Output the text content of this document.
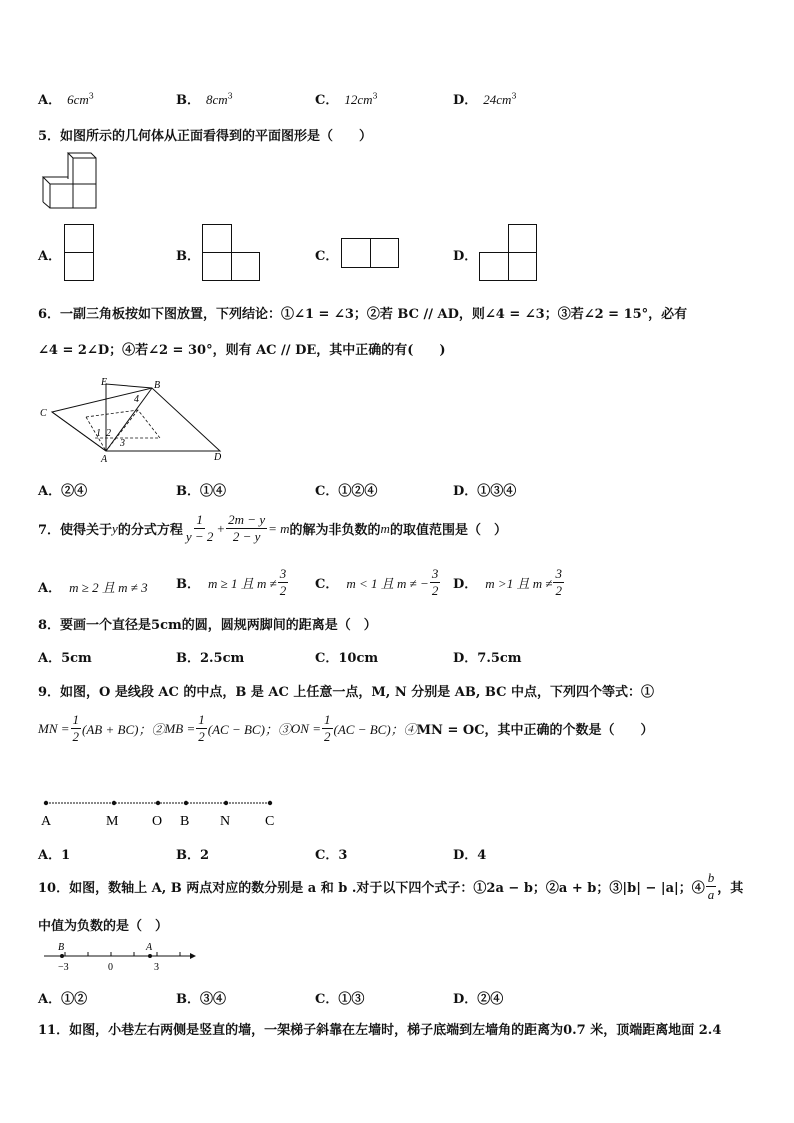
A． $6cm^3$	B． $8cm^3$	C． $12cm^3$	D． $24cm^3$
5．如图所示的几何体从正面看得到的平面图形是（　　）
A．	B．	C．	D．
6．一副三角板按如下图放置，下列结论：①∠1 = ∠3；②若 BC // AD，则∠4 = ∠3；③若∠2 = 15°，必有
∠4 = 2∠D；④若∠2 = 30°，则有 AC // DE，其中正确的有(　　)
E	B
C
A	D
1 2
3
4
A．②④	B．①④	C．①②④	D．①③④
7．使得关于 y 的分式方程 $\frac{1}{y - 2} + \frac{2m - y}{2 - y} = m$ 的解为非负数的 m 的取值范围是（　）
A． m ≥ 2 且 m ≠ 3 B． m ≥ 1 且 $m \ne \frac{3}{2}$ C． m < 1 且 m ≠ − $\frac{3}{2}$ D． m >1 且 $m \ne \frac{3}{2}$
8．要画一个直径是5cm的圆，圆规两脚间的距离是（　）
A．5cm	B．2.5cm	C．10cm	D．7.5cm
9．如图，O 是线段 AC 的中点，B 是 AC 上任意一点，M, N 分别是 AB, BC 中点，下列四个等式：①
MN = $\frac{1}{2} (AB + BC)$；② MB = $\frac{1}{2} (AC - BC)$；③ ON = $\frac{1}{2} (AC - BC)$；④ MN = OC，其中正确的个数是（　　）
A	M O B N C
A．1	B．2	C．3	D．4
10．如图，数轴上 A, B 两点对应的数分别是 a 和 b .对于以下四个式子：①2a − b；②a + b；③|b| − |a|；④ $\frac{b}{a}$ ，其
中值为负数的是（　）
B	A
−3	0	3
A．①②	B．③④	C．①③	D．②④
11．如图，小巷左右两侧是竖直的墙，一架梯子斜靠在左墙时，梯子底端到左墙角的距离为0.7 米，顶端距离地面 2.4
